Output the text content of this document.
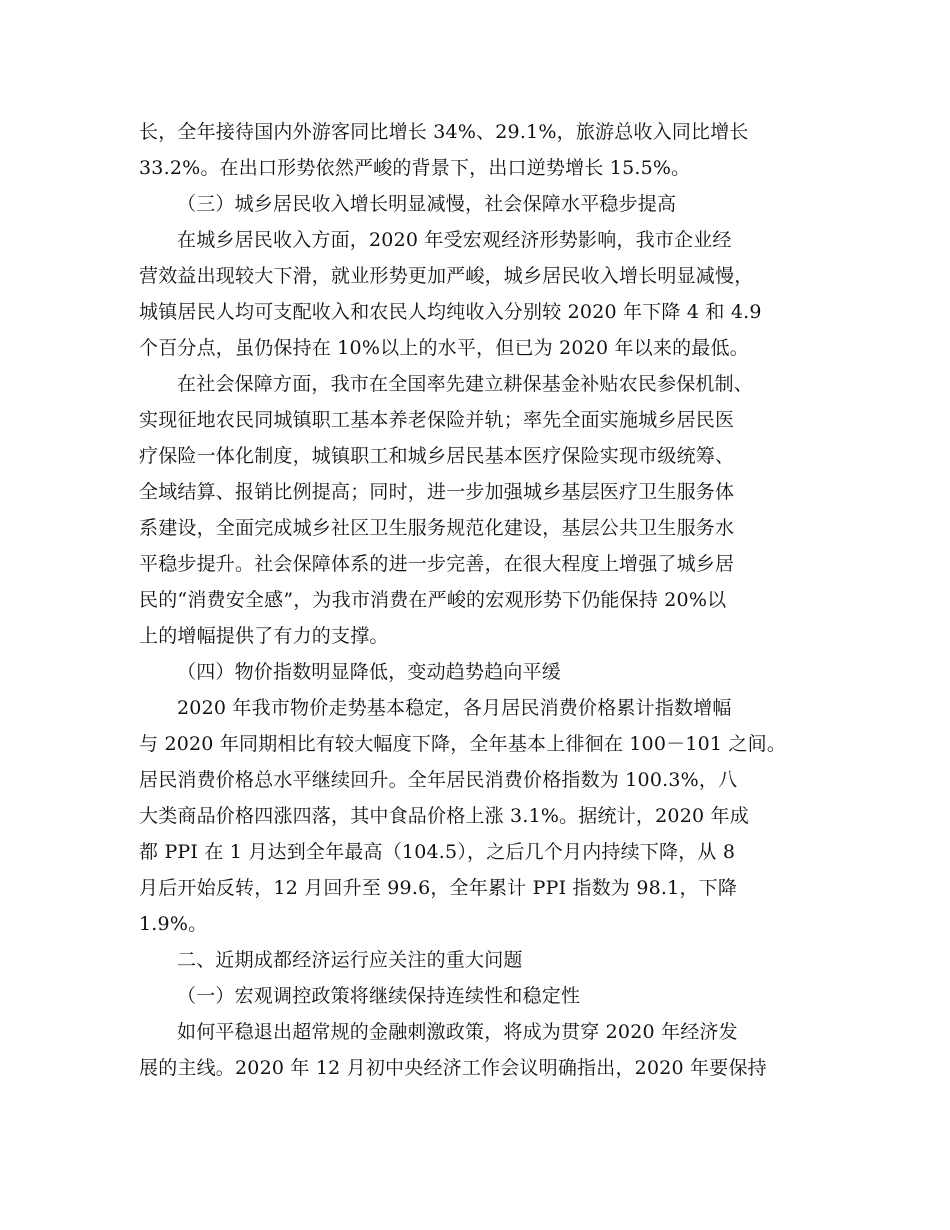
长，全年接待国内外游客同比增长 34%、29.1%，旅游总收入同比增长
33.2%。在出口形势依然严峻的背景下，出口逆势增长 15.5%。
（三）城乡居民收入增长明显减慢，社会保障水平稳步提高
在城乡居民收入方面，2020 年受宏观经济形势影响，我市企业经
营效益出现较大下滑，就业形势更加严峻，城乡居民收入增长明显减慢，
城镇居民人均可支配收入和农民人均纯收入分别较 2020 年下降 4 和 4.9
个百分点，虽仍保持在 10%以上的水平，但已为 2020 年以来的最低。
在社会保障方面，我市在全国率先建立耕保基金补贴农民参保机制、
实现征地农民同城镇职工基本养老保险并轨；率先全面实施城乡居民医
疗保险一体化制度，城镇职工和城乡居民基本医疗保险实现市级统筹、
全域结算、报销比例提高；同时，进一步加强城乡基层医疗卫生服务体
系建设，全面完成城乡社区卫生服务规范化建设，基层公共卫生服务水
平稳步提升。社会保障体系的进一步完善，在很大程度上增强了城乡居
民的“消费安全感”，为我市消费在严峻的宏观形势下仍能保持 20%以
上的增幅提供了有力的支撑。
（四）物价指数明显降低，变动趋势趋向平缓
2020 年我市物价走势基本稳定，各月居民消费价格累计指数增幅
与 2020 年同期相比有较大幅度下降，全年基本上徘徊在 100－101 之间。
居民消费价格总水平继续回升。全年居民消费价格指数为 100.3%，八
大类商品价格四涨四落，其中食品价格上涨 3.1%。据统计，2020 年成
都 PPI 在 1 月达到全年最高（104.5），之后几个月内持续下降，从 8
月后开始反转，12 月回升至 99.6，全年累计 PPI 指数为 98.1，下降
1.9%。
二、近期成都经济运行应关注的重大问题
（一）宏观调控政策将继续保持连续性和稳定性
如何平稳退出超常规的金融刺激政策，将成为贯穿 2020 年经济发
展的主线。2020 年 12 月初中央经济工作会议明确指出，2020 年要保持
